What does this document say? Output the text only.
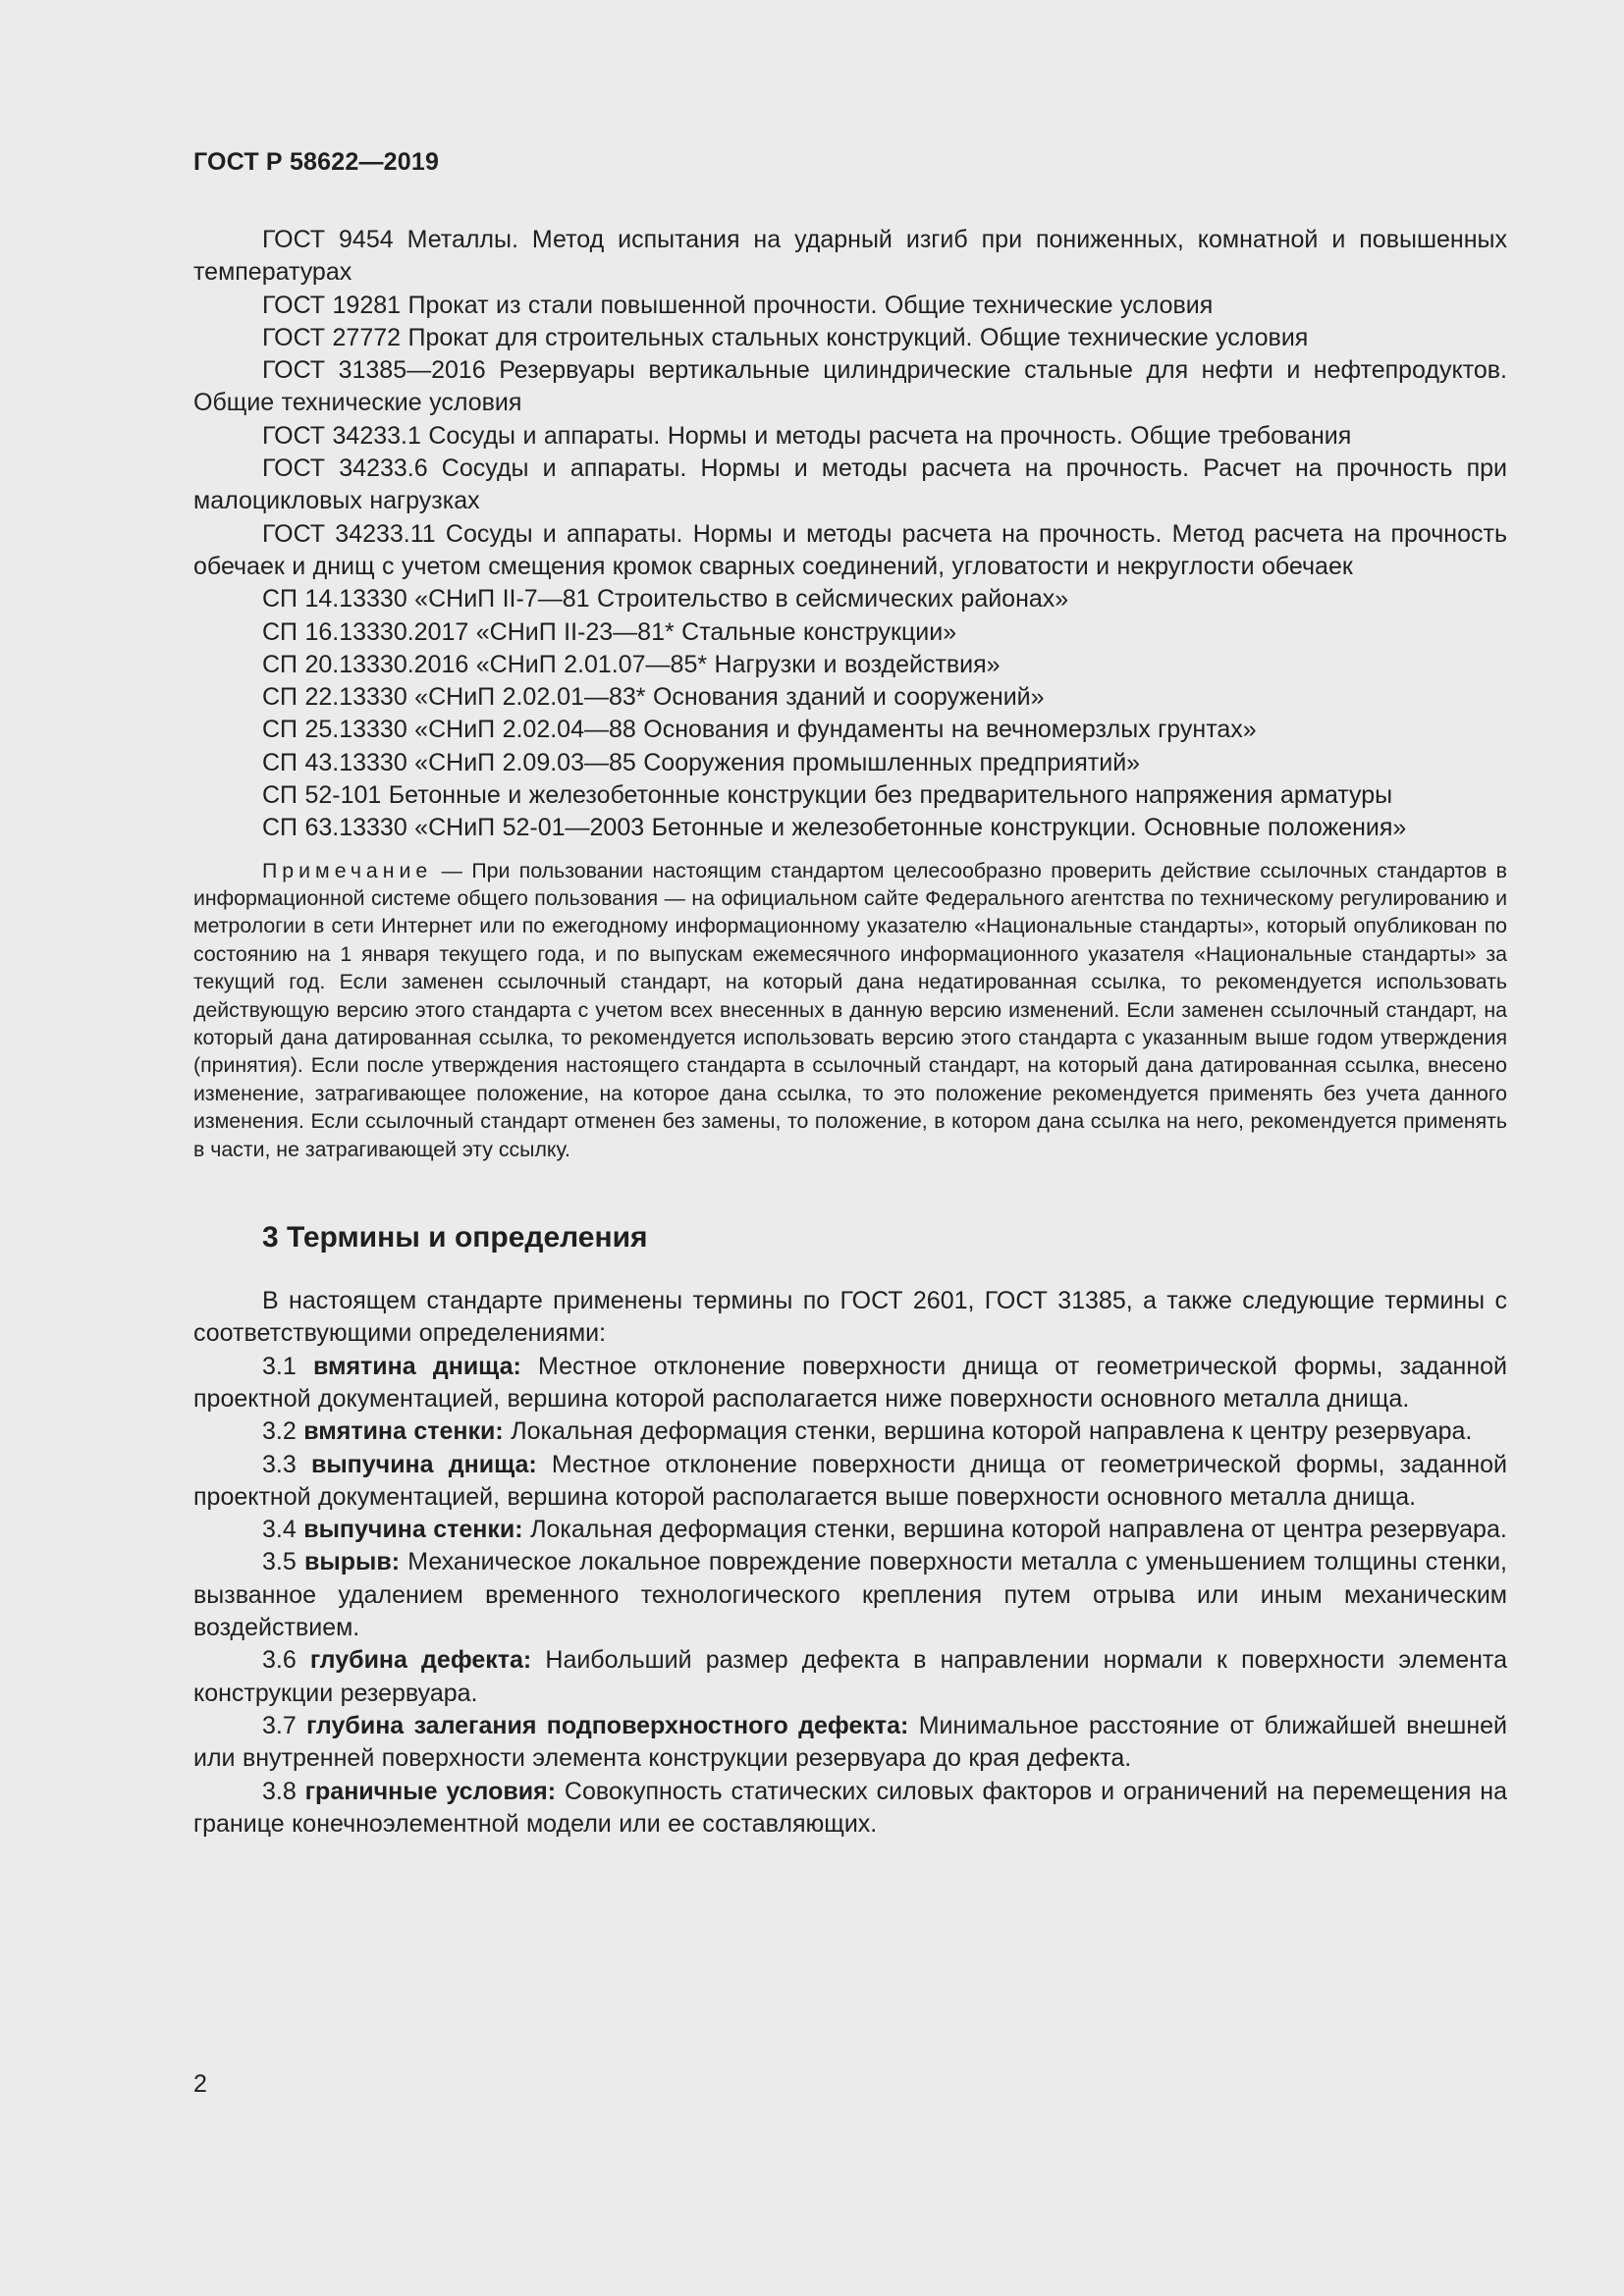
ГОСТ Р 58622—2019

ГОСТ 9454 Металлы. Метод испытания на ударный изгиб при пониженных, комнатной и повышенных температурах

ГОСТ 19281 Прокат из стали повышенной прочности. Общие технические условия

ГОСТ 27772 Прокат для строительных стальных конструкций. Общие технические условия

ГОСТ 31385—2016 Резервуары вертикальные цилиндрические стальные для нефти и нефтепродуктов. Общие технические условия

ГОСТ 34233.1 Сосуды и аппараты. Нормы и методы расчета на прочность. Общие требования

ГОСТ 34233.6 Сосуды и аппараты. Нормы и методы расчета на прочность. Расчет на прочность при малоцикловых нагрузках

ГОСТ 34233.11 Сосуды и аппараты. Нормы и методы расчета на прочность. Метод расчета на прочность обечаек и днищ с учетом смещения кромок сварных соединений, угловатости и некруглости обечаек

СП 14.13330 «СНиП II-7—81 Строительство в сейсмических районах»

СП 16.13330.2017 «СНиП II-23—81* Стальные конструкции»

СП 20.13330.2016 «СНиП 2.01.07—85* Нагрузки и воздействия»

СП 22.13330 «СНиП 2.02.01—83* Основания зданий и сооружений»

СП 25.13330 «СНиП 2.02.04—88 Основания и фундаменты на вечномерзлых грунтах»

СП 43.13330 «СНиП 2.09.03—85 Сооружения промышленных предприятий»

СП 52-101 Бетонные и железобетонные конструкции без предварительного напряжения арматуры

СП 63.13330 «СНиП 52-01—2003 Бетонные и железобетонные конструкции. Основные положения»

Примечание — При пользовании настоящим стандартом целесообразно проверить действие ссылочных стандартов в информационной системе общего пользования — на официальном сайте Федерального агентства по техническому регулированию и метрологии в сети Интернет или по ежегодному информационному указателю «Национальные стандарты», который опубликован по состоянию на 1 января текущего года, и по выпускам ежемесячного информационного указателя «Национальные стандарты» за текущий год. Если заменен ссылочный стандарт, на который дана недатированная ссылка, то рекомендуется использовать действующую версию этого стандарта с учетом всех внесенных в данную версию изменений. Если заменен ссылочный стандарт, на который дана датированная ссылка, то рекомендуется использовать версию этого стандарта с указанным выше годом утверждения (принятия). Если после утверждения настоящего стандарта в ссылочный стандарт, на который дана датированная ссылка, внесено изменение, затрагивающее положение, на которое дана ссылка, то это положение рекомендуется применять без учета данного изменения. Если ссылочный стандарт отменен без замены, то положение, в котором дана ссылка на него, рекомендуется применять в части, не затрагивающей эту ссылку.

3 Термины и определения

В настоящем стандарте применены термины по ГОСТ 2601, ГОСТ 31385, а также следующие термины с соответствующими определениями:

3.1 вмятина днища: Местное отклонение поверхности днища от геометрической формы, заданной проектной документацией, вершина которой располагается ниже поверхности основного металла днища.

3.2 вмятина стенки: Локальная деформация стенки, вершина которой направлена к центру резервуара.

3.3 выпучина днища: Местное отклонение поверхности днища от геометрической формы, заданной проектной документацией, вершина которой располагается выше поверхности основного металла днища.

3.4 выпучина стенки: Локальная деформация стенки, вершина которой направлена от центра резервуара.

3.5 вырыв: Механическое локальное повреждение поверхности металла с уменьшением толщины стенки, вызванное удалением временного технологического крепления путем отрыва или иным механическим воздействием.

3.6 глубина дефекта: Наибольший размер дефекта в направлении нормали к поверхности элемента конструкции резервуара.

3.7 глубина залегания подповерхностного дефекта: Минимальное расстояние от ближайшей внешней или внутренней поверхности элемента конструкции резервуара до края дефекта.

3.8 граничные условия: Совокупность статических силовых факторов и ограничений на перемещения на границе конечноэлементной модели или ее составляющих.

2
